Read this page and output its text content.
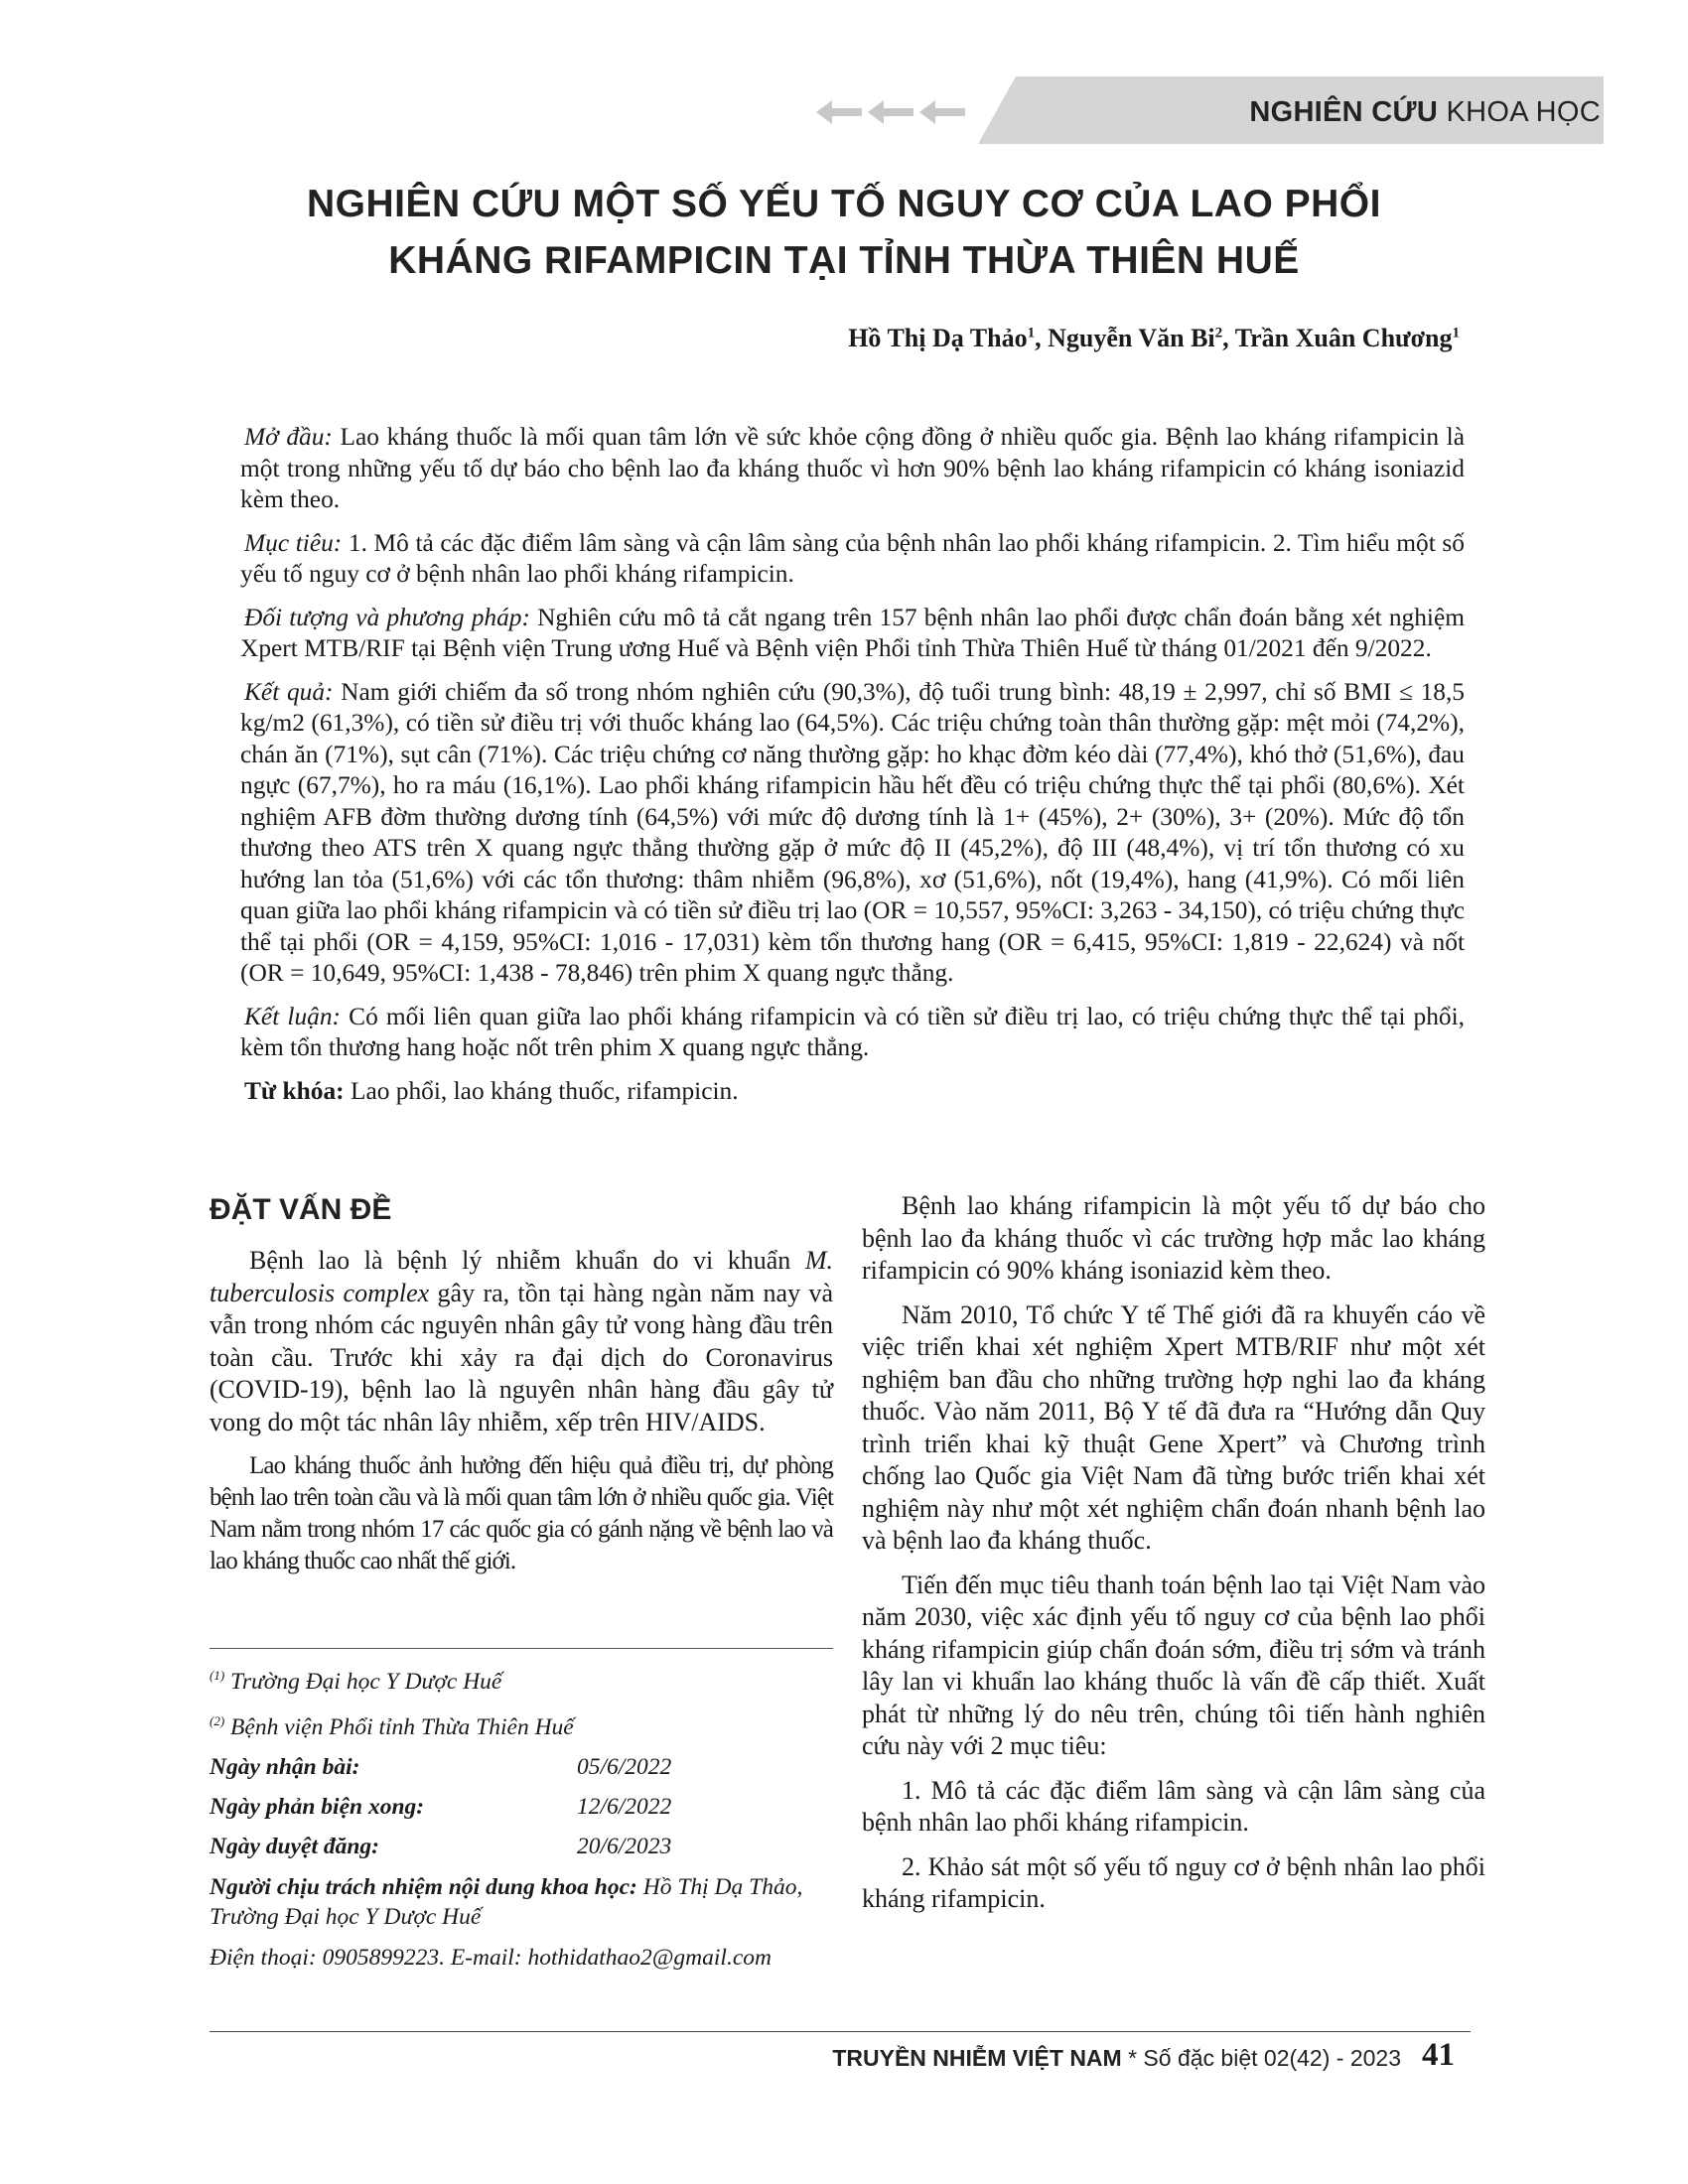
NGHIÊN CỨU KHOA HỌC
NGHIÊN CỨU MỘT SỐ YẾU TỐ NGUY CƠ CỦA LAO PHỔI
KHÁNG RIFAMPICIN TẠI TỈNH THỪA THIÊN HUẾ
Hồ Thị Dạ Thảo$^1$, Nguyễn Văn Bi$^2$, Trần Xuân Chương$^1$

Mở đầu: Lao kháng thuốc là mối quan tâm lớn về sức khỏe cộng đồng ở nhiều quốc gia. Bệnh lao kháng rifampicin là một trong những yếu tố dự báo cho bệnh lao đa kháng thuốc vì hơn 90% bệnh lao kháng rifampicin có kháng isoniazid kèm theo.

Mục tiêu: 1. Mô tả các đặc điểm lâm sàng và cận lâm sàng của bệnh nhân lao phổi kháng rifampicin. 2. Tìm hiểu một số yếu tố nguy cơ ở bệnh nhân lao phổi kháng rifampicin.

Đối tượng và phương pháp: Nghiên cứu mô tả cắt ngang trên 157 bệnh nhân lao phổi được chẩn đoán bằng xét nghiệm Xpert MTB/RIF tại Bệnh viện Trung ương Huế và Bệnh viện Phổi tỉnh Thừa Thiên Huế từ tháng 01/2021 đến 9/2022.

Kết quả: Nam giới chiếm đa số trong nhóm nghiên cứu (90,3%), độ tuổi trung bình: 48,19 ± 2,997, chỉ số BMI ≤ 18,5 kg/m2 (61,3%), có tiền sử điều trị với thuốc kháng lao (64,5%). Các triệu chứng toàn thân thường gặp: mệt mỏi (74,2%), chán ăn (71%), sụt cân (71%). Các triệu chứng cơ năng thường gặp: ho khạc đờm kéo dài (77,4%), khó thở (51,6%), đau ngực (67,7%), ho ra máu (16,1%). Lao phổi kháng rifampicin hầu hết đều có triệu chứng thực thể tại phổi (80,6%). Xét nghiệm AFB đờm thường dương tính (64,5%) với mức độ dương tính là 1+ (45%), 2+ (30%), 3+ (20%). Mức độ tổn thương theo ATS trên X quang ngực thẳng thường gặp ở mức độ II (45,2%), độ III (48,4%), vị trí tổn thương có xu hướng lan tỏa (51,6%) với các tổn thương: thâm nhiễm (96,8%), xơ (51,6%), nốt (19,4%), hang (41,9%). Có mối liên quan giữa lao phổi kháng rifampicin và có tiền sử điều trị lao (OR = 10,557, 95%CI: 3,263 - 34,150), có triệu chứng thực thể tại phổi (OR = 4,159, 95%CI: 1,016 - 17,031) kèm tổn thương hang (OR = 6,415, 95%CI: 1,819 - 22,624) và nốt (OR = 10,649, 95%CI: 1,438 - 78,846) trên phim X quang ngực thẳng.

Kết luận: Có mối liên quan giữa lao phổi kháng rifampicin và có tiền sử điều trị lao, có triệu chứng thực thể tại phổi, kèm tổn thương hang hoặc nốt trên phim X quang ngực thẳng.

Từ khóa: Lao phổi, lao kháng thuốc, rifampicin.

ĐẶT VẤN ĐỀ

Bệnh lao là bệnh lý nhiễm khuẩn do vi khuẩn M. tuberculosis complex gây ra, tồn tại hàng ngàn năm nay và vẫn trong nhóm các nguyên nhân gây tử vong hàng đầu trên toàn cầu. Trước khi xảy ra đại dịch do Coronavirus (COVID-19), bệnh lao là nguyên nhân hàng đầu gây tử vong do một tác nhân lây nhiễm, xếp trên HIV/AIDS.

Lao kháng thuốc ảnh hưởng đến hiệu quả điều trị, dự phòng bệnh lao trên toàn cầu và là mối quan tâm lớn ở nhiều quốc gia. Việt Nam nằm trong nhóm 17 các quốc gia có gánh nặng về bệnh lao và lao kháng thuốc cao nhất thế giới.

$^{(1)}$ Trường Đại học Y Dược Huế
$^{(2)}$ Bệnh viện Phổi tỉnh Thừa Thiên Huế
Ngày nhận bài:	05/6/2022
Ngày phản biện xong:	12/6/2022
Ngày duyệt đăng:	20/6/2023
Người chịu trách nhiệm nội dung khoa học: Hồ Thị Dạ Thảo, Trường Đại học Y Dược Huế
Điện thoại: 0905899223. E-mail: hothidathao2@gmail.com

Bệnh lao kháng rifampicin là một yếu tố dự báo cho bệnh lao đa kháng thuốc vì các trường hợp mắc lao kháng rifampicin có 90% kháng isoniazid kèm theo.

Năm 2010, Tổ chức Y tế Thế giới đã ra khuyến cáo về việc triển khai xét nghiệm Xpert MTB/RIF như một xét nghiệm ban đầu cho những trường hợp nghi lao đa kháng thuốc. Vào năm 2011, Bộ Y tế đã đưa ra “Hướng dẫn Quy trình triển khai kỹ thuật Gene Xpert” và Chương trình chống lao Quốc gia Việt Nam đã từng bước triển khai xét nghiệm này như một xét nghiệm chẩn đoán nhanh bệnh lao và bệnh lao đa kháng thuốc.

Tiến đến mục tiêu thanh toán bệnh lao tại Việt Nam vào năm 2030, việc xác định yếu tố nguy cơ của bệnh lao phổi kháng rifampicin giúp chẩn đoán sớm, điều trị sớm và tránh lây lan vi khuẩn lao kháng thuốc là vấn đề cấp thiết. Xuất phát từ những lý do nêu trên, chúng tôi tiến hành nghiên cứu này với 2 mục tiêu:

1. Mô tả các đặc điểm lâm sàng và cận lâm sàng của bệnh nhân lao phổi kháng rifampicin.

2. Khảo sát một số yếu tố nguy cơ ở bệnh nhân lao phổi kháng rifampicin.

TRUYỀN NHIỄM VIỆT NAM * Số đặc biệt 02(42) - 2023 41
